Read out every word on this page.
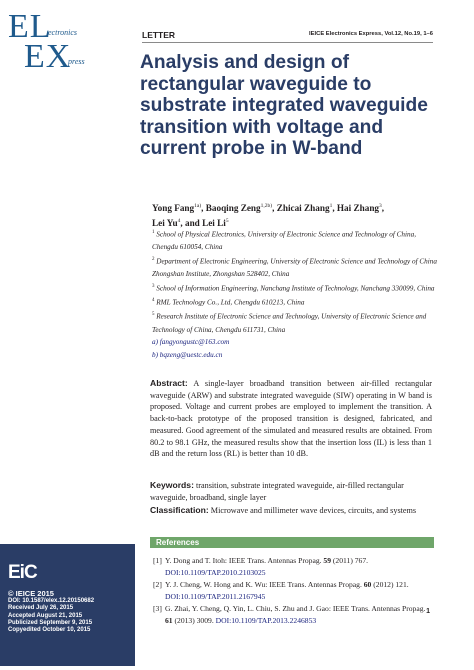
EL
ectronics
EX
press
EiC
© IEICE 2015
DOI: 10.1587/elex.12.20150682
Received July 26, 2015
Accepted August 21, 2015
Publicized September 9, 2015
Copyedited October 10, 2015
LETTER	IEICE Electronics Express, Vol.12, No.19, 1–6
Analysis and design of rectangular waveguide to substrate integrated waveguide transition with voltage and current probe in W-band
Yong Fang$^{1a)}$, Baoqing Zeng$^{1,2b)}$, Zhicai Zhang$^1$, Hai Zhang$^3$,
Lei Yu$^4$, and Lei Li$^5$
$^1$ School of Physical Electronics, University of Electronic Science and Technology of China, Chengdu 610054, China
$^2$ Department of Electronic Engineering, University of Electronic Science and Technology of China Zhongshan Institute, Zhongshan 528402, China
$^3$ School of Information Engineering, Nanchang Institute of Technology, Nanchang 330099, China
$^4$ RML Technology Co., Ltd, Chengdu 610213, China
$^5$ Research Institute of Electronic Science and Technology, University of Electronic Science and Technology of China, Chengdu 611731, China
a) fangyongustc@163.com
b) bqzeng@uestc.edu.cn
Abstract: A single-layer broadband transition between air-filled rectangular waveguide (ARW) and substrate integrated waveguide (SIW) operating in W band is proposed. Voltage and current probes are employed to implement the transition. A back-to-back prototype of the proposed transition is designed, fabricated, and measured. Good agreement of the simulated and measured results are obtained. From 80.2 to 98.1 GHz, the measured results show that the insertion loss (IL) is less than 1 dB and the return loss (RL) is better than 10 dB.
Keywords: transition, substrate integrated waveguide, air-filled rectangular waveguide, broadband, single layer
Classification: Microwave and millimeter wave devices, circuits, and systems
References
[1] Y. Dong and T. Itoh: IEEE Trans. Antennas Propag. 59 (2011) 767. DOI:10.1109/TAP.2010.2103025
[2] Y. J. Cheng, W. Hong and K. Wu: IEEE Trans. Antennas Propag. 60 (2012) 121. DOI:10.1109/TAP.2011.2167945
[3] G. Zhai, Y. Cheng, Q. Yin, L. Chiu, S. Zhu and J. Gao: IEEE Trans. Antennas Propag. 61 (2013) 3009. DOI:10.1109/TAP.2013.2246853
1
